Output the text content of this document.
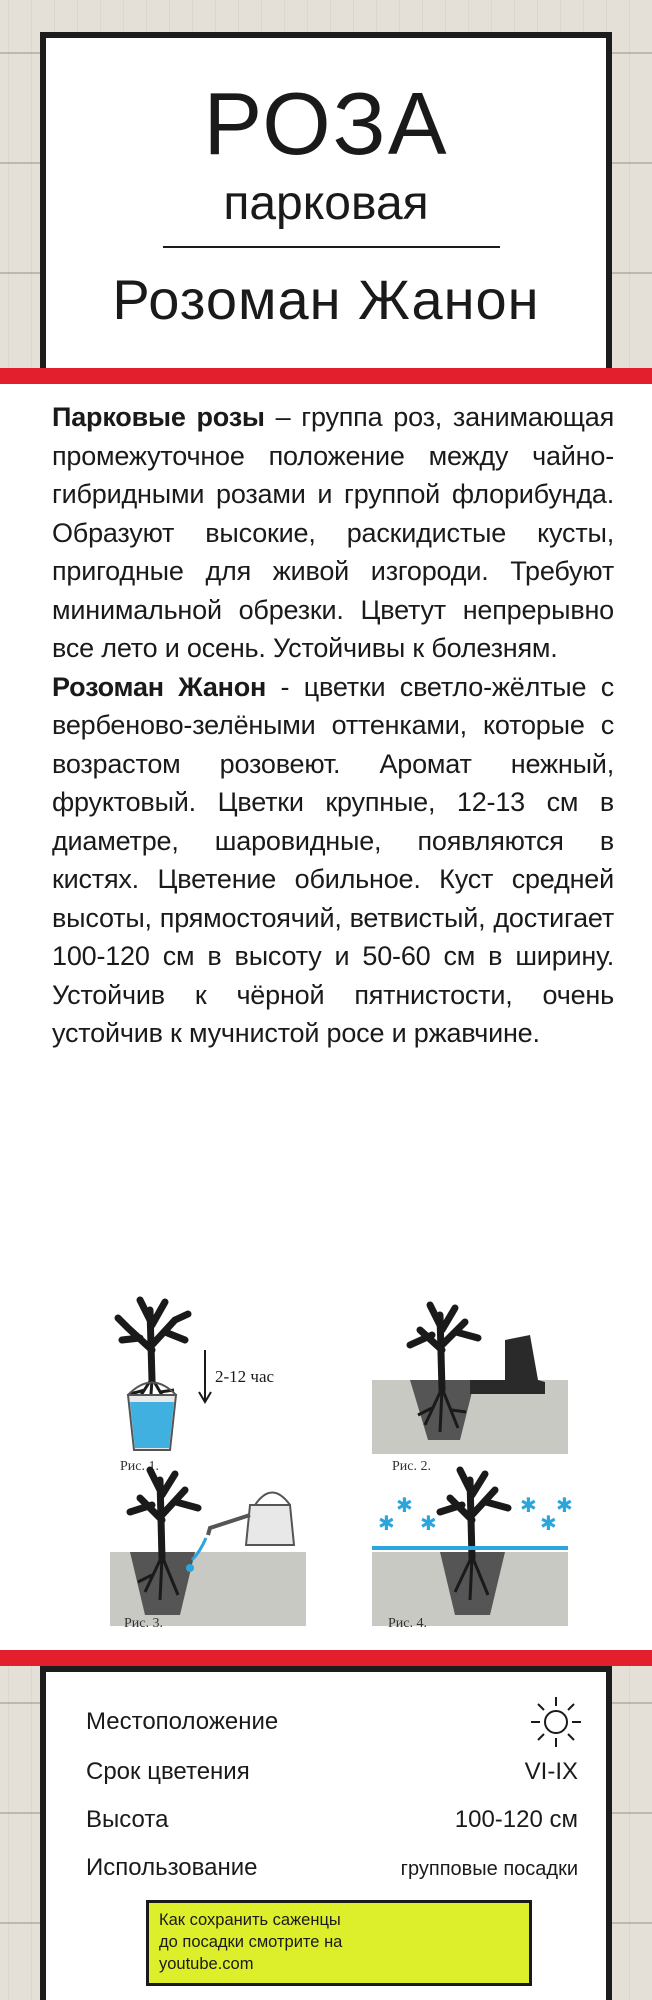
РОЗА
парковая
Розоман Жанон

Парковые розы – группа роз, занимающая промежуточное положение между чайно-гибридными розами и группой флорибунда. Образуют высокие, раскидистые кусты, пригодные для живой изгороди. Требуют минимальной обрезки. Цветут непрерывно все лето и осень. Устойчивы к болезням.

Розоман Жанон - цветки светло-жёлтые с вербеново-зелёными оттенками, которые с возрастом розовеют. Аромат нежный, фруктовый. Цветки крупные, 12-13 см в диаметре, шаровидные, появляются в кистях. Цветение обильное. Куст средней высоты, прямостоячий, ветвистый, достигает 100-120 см в высоту и 50-60 см в ширину. Устойчив к чёрной пятнистости, очень устойчив к мучнистой росе и ржавчине.

2-12 час
Рис. 1.	Рис. 2.
Рис. 3.
✱
✱
✱
✱
✱
✱
Рис. 4.
Местоположение
Срок цветения	VI-IX
Высота	100-120 см
Использование	групповые посадки
Как сохранить саженцы
до посадки смотрите на
youtube.com
